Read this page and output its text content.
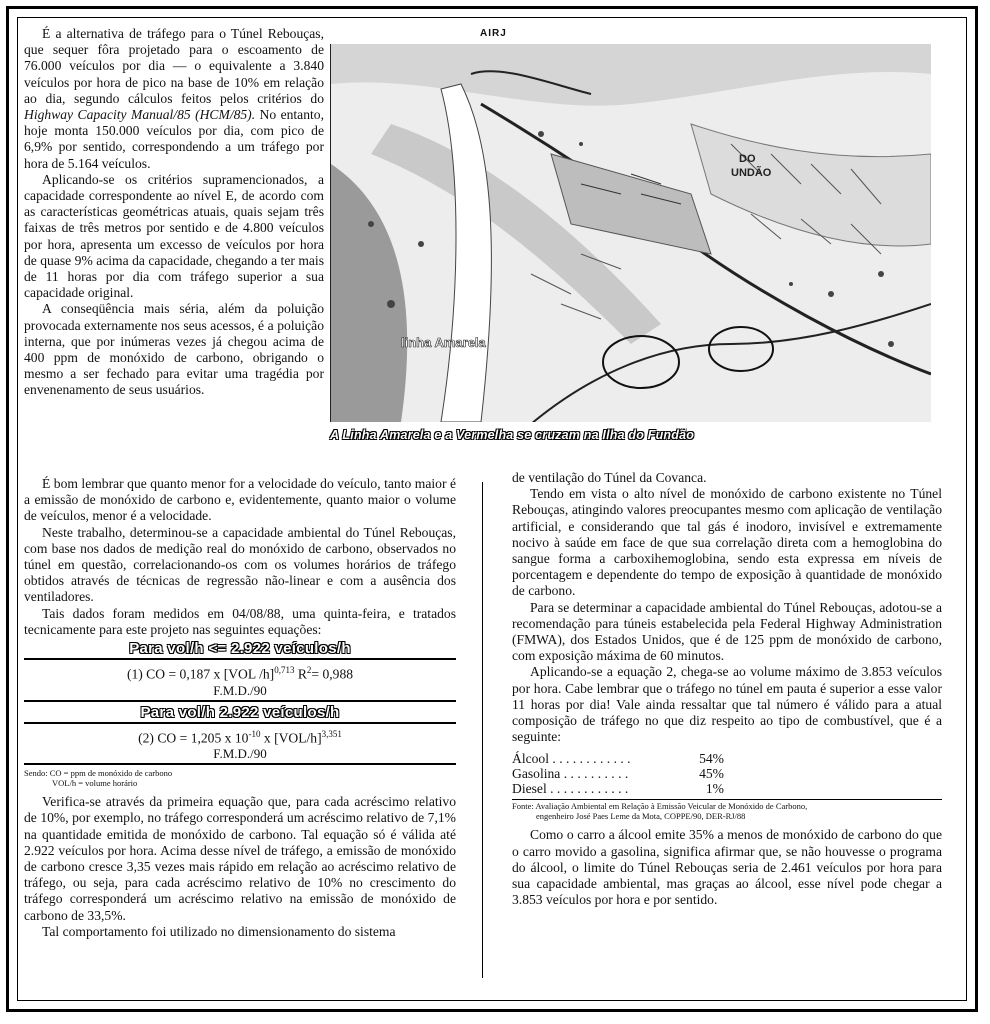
AIRJ
DO
UNDÃO
linha Amarela
A Linha Amarela e a Vermelha se cruzam na Ilha do Fundão

É a alternativa de tráfego para o Túnel Rebouças, que sequer fôra projetado para o escoamento de 76.000 veículos por dia — o equivalente a 3.840 veículos por hora de pico na base de 10% em relação ao dia, segundo cálculos feitos pelos critérios do Highway Capacity Manual/85 (HCM/85). No entanto, hoje monta 150.000 veículos por dia, com pico de 6,9% por sentido, correspondendo a um tráfego por hora de 5.164 veículos.

Aplicando-se os critérios supramencionados, a capacidade correspondente ao nível E, de acordo com as características geométricas atuais, quais sejam três faixas de três metros por sentido e de 4.800 veículos por hora, apresenta um excesso de veículos por hora de quase 9% acima da capacidade, chegando a ter mais de 11 horas por dia com tráfego superior a sua capacidade original.

A conseqüência mais séria, além da poluição provocada externamente nos seus acessos, é a poluição interna, que por inúmeras vezes já chegou acima de 400 ppm de monóxido de carbono, obrigando o mesmo a ser fechado para evitar uma tragédia por envenenamento de seus usuários.

É bom lembrar que quanto menor for a velocidade do veículo, tanto maior é a emissão de monóxido de carbono e, evidentemente, quanto maior o volume de veículos, menor é a velocidade.

Neste trabalho, determinou-se a capacidade ambiental do Túnel Rebouças, com base nos dados de medição real do monóxido de carbono, observados no túnel em questão, correlacionando-os com os volumes horários de tráfego obtidos através de técnicas de regressão não-linear e com a ausência dos ventiladores.

Tais dados foram medidos em 04/08/88, uma quinta-feira, e tratados tecnicamente para este projeto nas seguintes equações:

Para vol/h <= 2.922 veículos/h
(1) CO = 0,187 x [VOL /h]$^{0,713}$ $R^2= 0,988$
F.M.D./90
Para vol/h 2.922 veículos/h
(2) CO = 1,205 x $10^{-10}$ x $[VOL/h]^{3,351}$
F.M.D./90
Sendo: CO = ppm de monóxido de carbono
VOL/h = volume horário

Verifica-se através da primeira equação que, para cada acréscimo relativo de 10%, por exemplo, no tráfego corresponderá um acréscimo relativo de 7,1% na quantidade emitida de monóxido de carbono. Tal equação só é válida até 2.922 veículos por hora. Acima desse nível de tráfego, a emissão de monóxido de carbono cresce 3,35 vezes mais rápido em relação ao acréscimo relativo de tráfego, ou seja, para cada acréscimo relativo de 10% no crescimento do tráfego corresponderá um acréscimo relativo na emissão de monóxido de carbono de 33,5%.

Tal comportamento foi utilizado no dimensionamento do sistema

de ventilação do Túnel da Covanca.

Tendo em vista o alto nível de monóxido de carbono existente no Túnel Rebouças, atingindo valores preocupantes mesmo com aplicação de ventilação artificial, e considerando que tal gás é inodoro, invisível e extremamente nocivo à saúde em face de que sua correlação direta com a hemoglobina do sangue forma a carboxihemoglobina, sendo esta expressa em níveis de porcentagem e dependente do tempo de exposição à quantidade de monóxido de carbono.

Para se determinar a capacidade ambiental do Túnel Rebouças, adotou-se a recomendação para túneis estabelecida pela Federal Highway Administration (FMWA), dos Estados Unidos, que é de 125 ppm de monóxido de carbono, com exposição máxima de 60 minutos.

Aplicando-se a equação 2, chega-se ao volume máximo de 3.853 veículos por hora. Cabe lembrar que o tráfego no túnel em pauta é superior a esse valor 11 horas por dia! Vale ainda ressaltar que tal número é válido para a atual composição de tráfego no que diz respeito ao tipo de combustível, que é a seguinte:

Álcool . . . . . . . . . . . .	54%
Gasolina . . . . . . . . . .	45%
Diesel . . . . . . . . . . . .	1%
Fonte: Avaliação Ambiental em Relação à Emissão Veicular de Monóxido de Carbono,
engenheiro José Paes Leme da Mota, COPPE/90, DER-RJ/88

Como o carro a álcool emite 35% a menos de monóxido de carbono do que o carro movido a gasolina, significa afirmar que, se não houvesse o programa do álcool, o limite do Túnel Rebouças seria de 2.461 veículos por hora para sua capacidade ambiental, mas graças ao álcool, esse nível pode chegar a 3.853 veículos por hora e por sentido.
